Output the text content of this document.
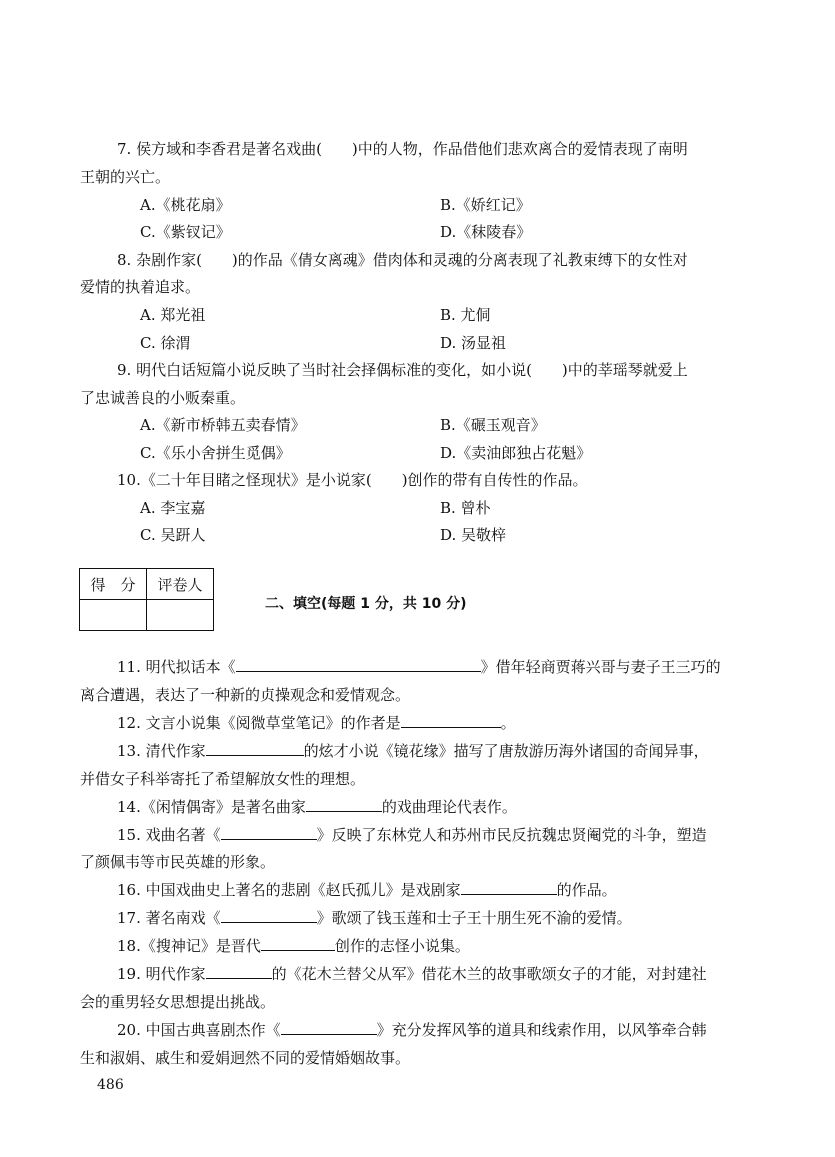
7. 侯方域和李香君是著名戏曲(　　)中的人物，作品借他们悲欢离合的爱情表现了南明
王朝的兴亡。
A.《桃花扇》	B.《娇红记》
C.《紫钗记》	D.《秣陵春》
8. 杂剧作家(　　)的作品《倩女离魂》借肉体和灵魂的分离表现了礼教束缚下的女性对
爱情的执着追求。
A. 郑光祖	B. 尤侗
C. 徐渭	D. 汤显祖
9. 明代白话短篇小说反映了当时社会择偶标准的变化，如小说(　　)中的莘瑶琴就爱上
了忠诚善良的小贩秦重。
A.《新市桥韩五卖春情》	B.《碾玉观音》
C.《乐小舍拼生觅偶》	D.《卖油郎独占花魁》
10.《二十年目睹之怪现状》是小说家(　　)创作的带有自传性的作品。
A. 李宝嘉	B. 曾朴
C. 吴趼人	D. 吴敬梓
得　分	评卷人

二、填空(每题 1 分，共 10 分)
11. 明代拟话本《	》借年轻商贾蒋兴哥与妻子王三巧的
离合遭遇，表达了一种新的贞操观念和爱情观念。
12. 文言小说集《阅微草堂笔记》的作者是	。
13. 清代作家	的炫才小说《镜花缘》描写了唐敖游历海外诸国的奇闻异事，
并借女子科举寄托了希望解放女性的理想。
14.《闲情偶寄》是著名曲家	的戏曲理论代表作。
15. 戏曲名著《	》反映了东林党人和苏州市民反抗魏忠贤阉党的斗争，塑造
了颜佩韦等市民英雄的形象。
16. 中国戏曲史上著名的悲剧《赵氏孤儿》是戏剧家	的作品。
17. 著名南戏《	》歌颂了钱玉莲和士子王十朋生死不渝的爱情。
18.《搜神记》是晋代	创作的志怪小说集。
19. 明代作家	的《花木兰替父从军》借花木兰的故事歌颂女子的才能，对封建社
会的重男轻女思想提出挑战。
20. 中国古典喜剧杰作《	》充分发挥风筝的道具和线索作用，以风筝牵合韩
生和淑娟、戚生和爱娟迥然不同的爱情婚姻故事。
486
